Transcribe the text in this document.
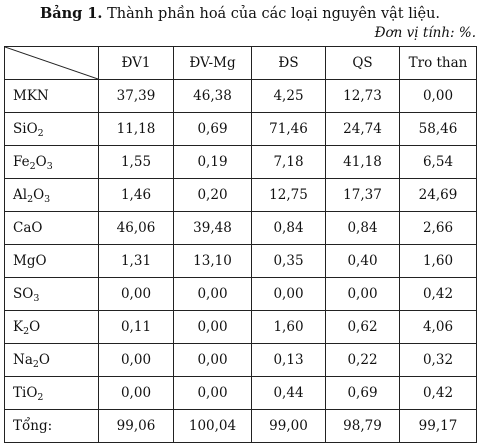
Bảng 1. Thành phần hoá của các loại nguyên vật liệu.
Đơn vị tính: %.
	ĐV1	ĐV-Mg	ĐS	QS	Tro than
MKN	37,39	46,38	4,25	12,73	0,00
SiO$_2$	11,18	0,69	71,46	24,74	58,46
$Fe_2O_3$	1,55	0,19	7,18	41,18	6,54
$Al_2O_3$	1,46	0,20	12,75	17,37	24,69
CaO	46,06	39,48	0,84	0,84	2,66
MgO	1,31	13,10	0,35	0,40	1,60
$SO_3$	0,00	0,00	0,00	0,00	0,42
$K_2O$	0,11	0,00	1,60	0,62	4,06
$Na_2O$	0,00	0,00	0,13	0,22	0,32
TiO$_2$	0,00	0,00	0,44	0,69	0,42
Tổng:	99,06	100,04	99,00	98,79	99,17
